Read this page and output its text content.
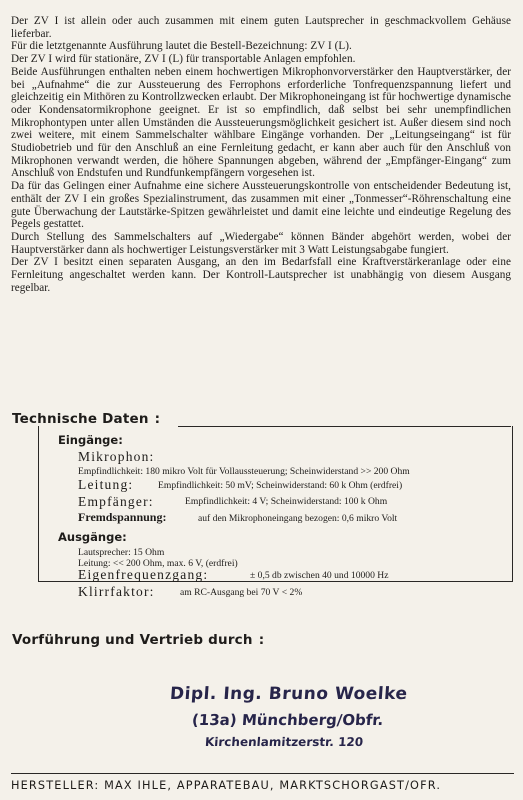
Der ZV I ist allein oder auch zusammen mit einem guten Lautsprecher in geschmackvollem Gehäuse lieferbar.

Für die letztgenannte Ausführung lautet die Bestell-Bezeichnung: ZV I (L).

Der ZV I wird für stationäre, ZV I (L) für transportable Anlagen empfohlen.

Beide Ausführungen enthalten neben einem hochwertigen Mikrophonvorverstärker den Hauptverstärker, der bei „Aufnahme“ die zur Aussteuerung des Ferrophons erforderliche Tonfrequenzspannung liefert und gleichzeitig ein Mithören zu Kontrollzwecken erlaubt. Der Mikrophoneingang ist für hochwertige dynamische oder Kondensatormikrophone geeignet. Er ist so empfindlich, daß selbst bei sehr unempfindlichen Mikrophontypen unter allen Umständen die Aussteuerungsmöglichkeit gesichert ist. Außer diesem sind noch zwei weitere, mit einem Sammelschalter wählbare Eingänge vorhanden. Der „Leitungseingang“ ist für Studiobetrieb und für den Anschluß an eine Fernleitung gedacht, er kann aber auch für den Anschluß von Mikrophonen verwandt werden, die höhere Spannungen abgeben, während der „Empfänger-Eingang“ zum Anschluß von Endstufen und Rundfunkempfängern vorgesehen ist.

Da für das Gelingen einer Aufnahme eine sichere Aussteuerungskontrolle von entscheidender Bedeutung ist, enthält der ZV I ein großes Spezialinstrument, das zusammen mit einer „Tonmesser“-Röhrenschaltung eine gute Überwachung der Lautstärke-Spitzen gewährleistet und damit eine leichte und eindeutige Regelung des Pegels gestattet.

Durch Stellung des Sammelschalters auf „Wiedergabe“ können Bänder abgehört werden, wobei der Hauptverstärker dann als hochwertiger Leistungsverstärker mit 3 Watt Leistungsabgabe fungiert.

Der ZV I besitzt einen separaten Ausgang, an den im Bedarfsfall eine Kraftverstärkeranlage oder eine Fernleitung angeschaltet werden kann. Der Kontroll-Lautsprecher ist unabhängig von diesem Ausgang regelbar.

Technische Daten :
Eingänge:
Mikrophon:
Empfindlichkeit: 180 mikro Volt für Vollaussteuerung; Scheinwiderstand >> 200 Ohm
Leitung:	Empfindlichkeit: 50 mV; Scheinwiderstand: 60 k Ohm (erdfrei)
Empfänger:	Empfindlichkeit: 4 V; Scheinwiderstand: 100 k Ohm
Fremdspannung:	auf den Mikrophoneingang bezogen: 0,6 mikro Volt
Ausgänge:
Lautsprecher: 15 Ohm
Leitung: << 200 Ohm, max. 6 V, (erdfrei)
Eigenfrequenzgang:	± 0,5 db zwischen 40 und 10000 Hz
Klirrfaktor:	am RC-Ausgang bei 70 V < 2%
Vorführung und Vertrieb durch :
Dipl. Ing. Bruno Woelke
(13a) Münchberg/Obfr.
Kirchenlamitzerstr. 120
HERSTELLER: MAX IHLE, APPARATEBAU, MARKTSCHORGAST/OFR.
